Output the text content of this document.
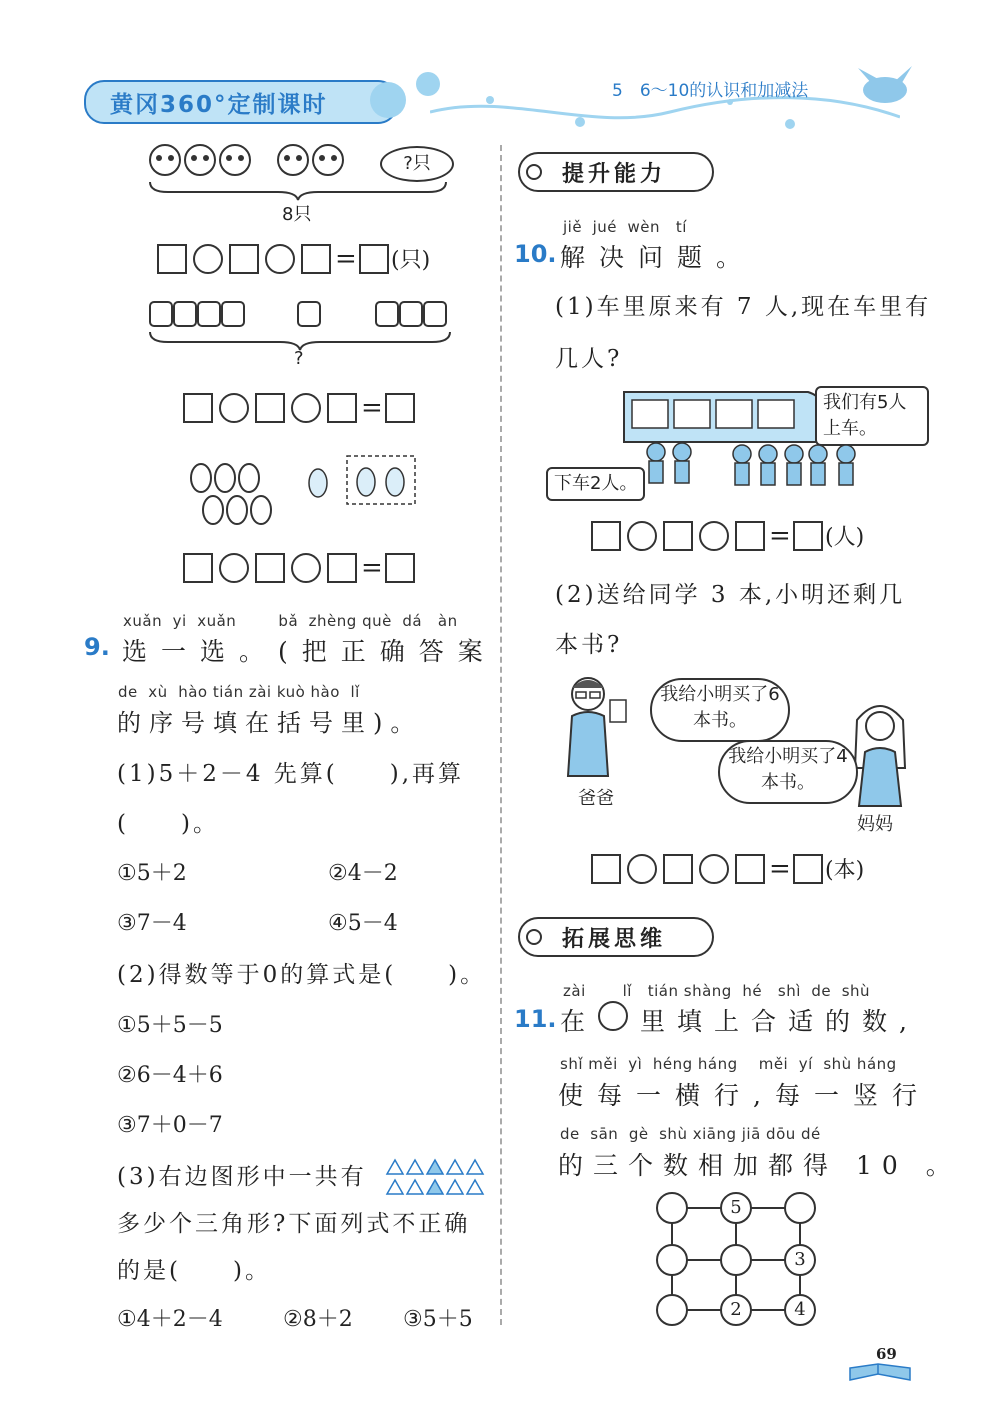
黄冈360°定制课时
5　6～10的认识和加减法
?只
8只
= (只)
?
=
=
xuǎn  yi  xuǎn        bǎ  zhèng què  dá   àn
9. 选一选。(把正确答案
de  xù  hào tián zài kuò hào  lǐ
的序号填在括号里)。
(1)5＋2－4 先算(　　),再算
(　　)。
①5＋2	②4－2
③7－4	④5－4
(2)得数等于0的算式是(　　)。
①5＋5－5
②6－4＋6
③7＋0－7
(3)右边图形中一共有
多少个三角形?下面列式不正确
的是(　　)。
①4＋2－4	②8＋2 ③5＋5
提升能力
jiě  jué  wèn   tí
10. 解决问题。
(1)车里原来有 7 人,现在车里有
几人?
我们有5人上车。
下车2人。
= (人)
(2)送给同学 3 本,小明还剩几
本书?
我给小明买了6本书。
爸爸
我给小明买了4本书。
妈妈
= (本)
拓展思维
zài       lǐ   tián shàng  hé   shì  de  shù
11. 在 里填上合适的数,
shǐ měi  yì  héng háng    měi  yí  shù háng
使每一横行,每一竖行
de  sān  gè  shù xiāng jiā dōu dé
的三个数相加都得 10 。
5
3
2	4
69
